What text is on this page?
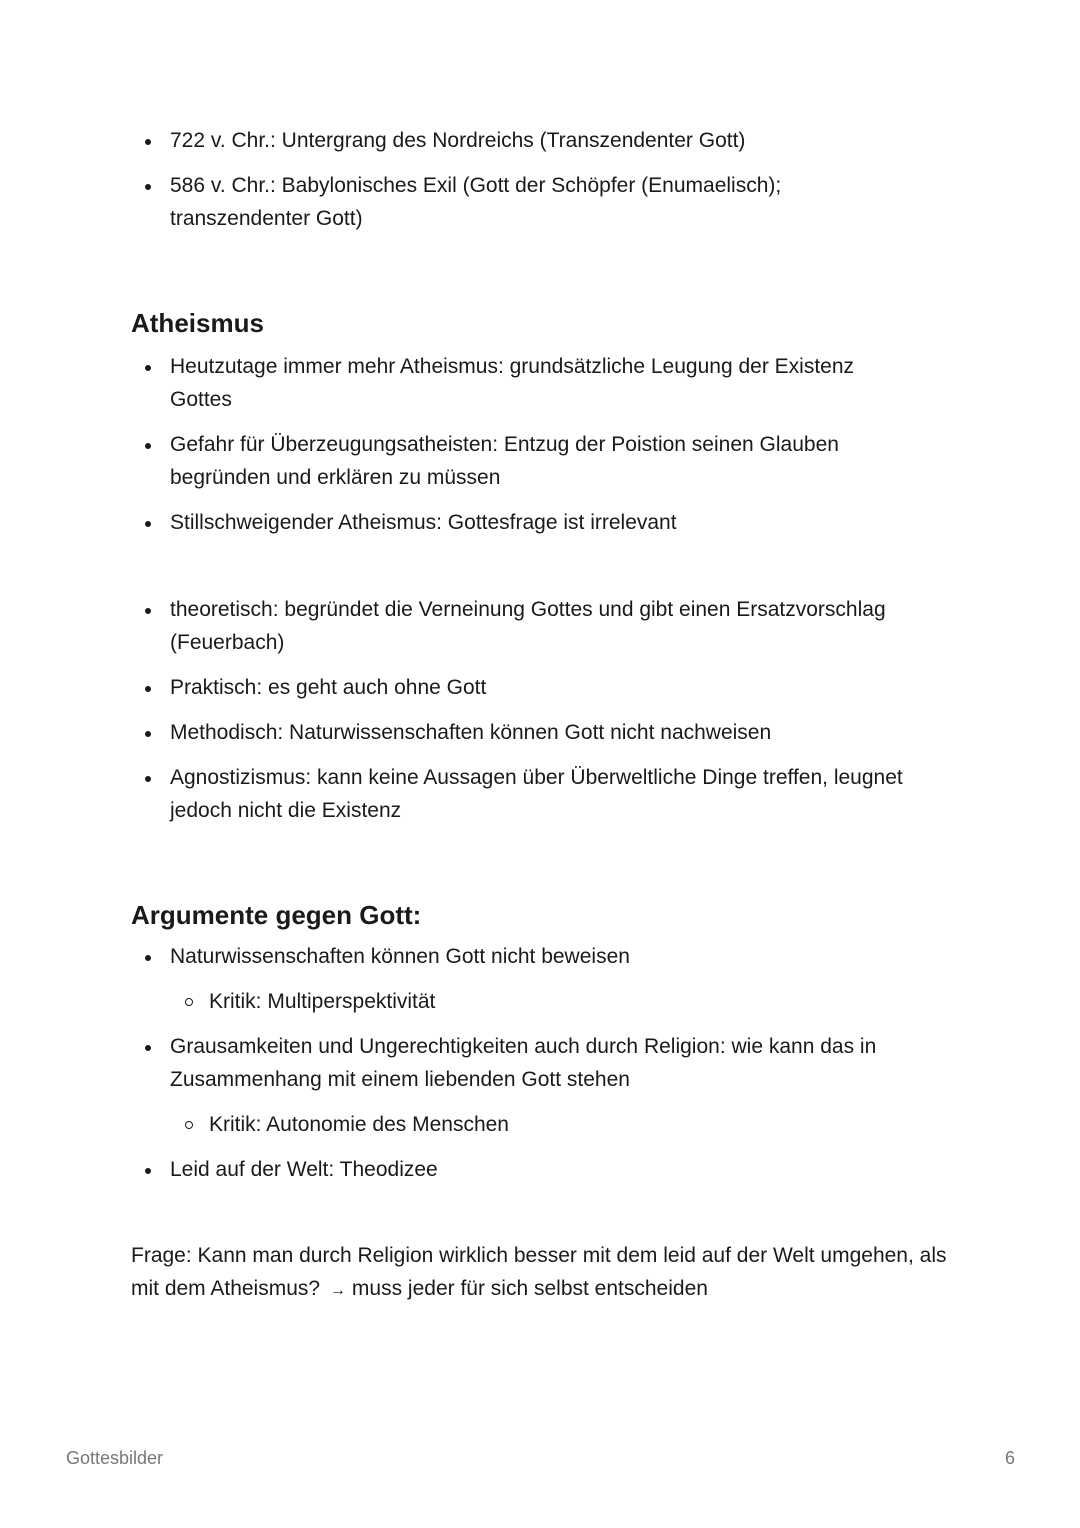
722 v. Chr.: Untergrang des Nordreichs (Transzendenter Gott)
586 v. Chr.: Babylonisches Exil (Gott der Schöpfer (Enumaelisch); transzendenter Gott)
Atheismus
Heutzutage immer mehr Atheismus: grundsätzliche Leugung der Existenz Gottes
Gefahr für Überzeugungsatheisten: Entzug der Poistion seinen Glauben begründen und erklären zu müssen
Stillschweigender Atheismus: Gottesfrage ist irrelevant
theoretisch: begründet die Verneinung Gottes und gibt einen Ersatzvorschlag (Feuerbach)
Praktisch: es geht auch ohne Gott
Methodisch: Naturwissenschaften können Gott nicht nachweisen
Agnostizismus: kann keine Aussagen über Überweltliche Dinge treffen, leugnet jedoch nicht die Existenz
Argumente gegen Gott:
Naturwissenschaften können Gott nicht beweisen
Kritik: Multiperspektivität
Grausamkeiten und Ungerechtigkeiten auch durch Religion: wie kann das in Zusammenhang mit einem liebenden Gott stehen
Kritik: Autonomie des Menschen
Leid auf der Welt: Theodizee

Frage: Kann man durch Religion wirklich besser mit dem leid auf der Welt umgehen, als mit dem Atheismus? → muss jeder für sich selbst entscheiden

Gottesbilder	6
